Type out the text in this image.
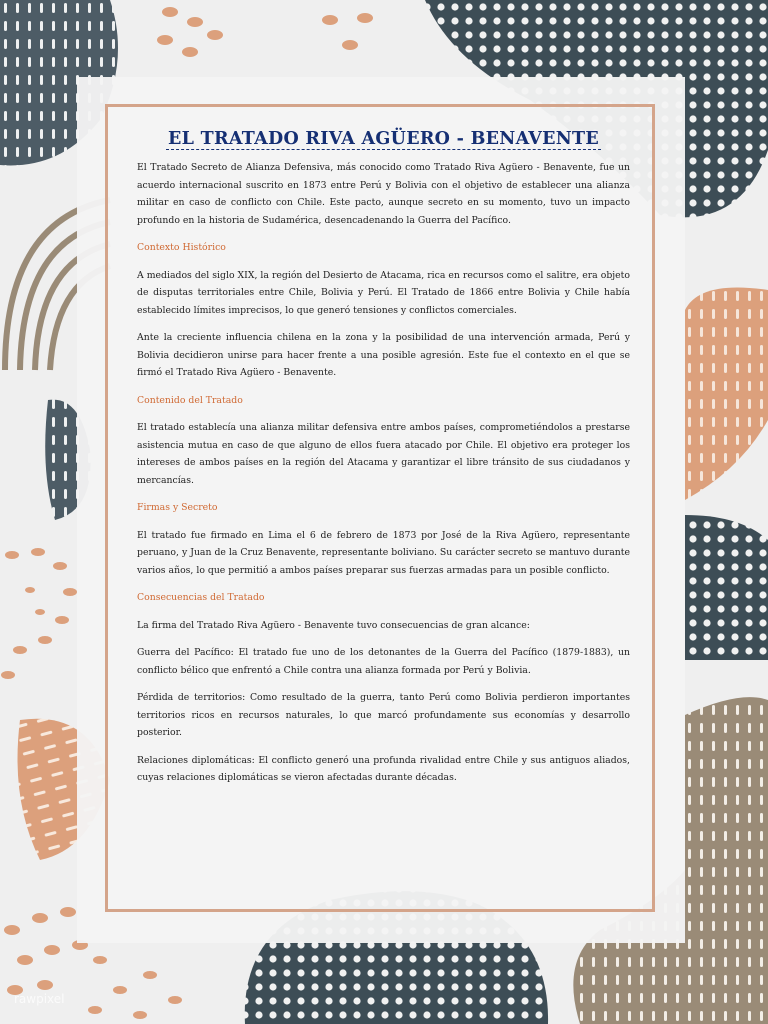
EL TRATADO RIVA AGÜERO - BENAVENTE

El Tratado Secreto de Alianza Defensiva, más conocido como Tratado Riva Agüero - Benavente, fue un acuerdo internacional suscrito en 1873 entre Perú y Bolivia con el objetivo de establecer una alianza militar en caso de conflicto con Chile. Este pacto, aunque secreto en su momento, tuvo un impacto profundo en la historia de Sudamérica, desencadenando la Guerra del Pacífico.

Contexto Histórico

A mediados del siglo XIX, la región del Desierto de Atacama, rica en recursos como el salitre, era objeto de disputas territoriales entre Chile, Bolivia y Perú. El Tratado de 1866 entre Bolivia y Chile había establecido límites imprecisos, lo que generó tensiones y conflictos comerciales.

Ante la creciente influencia chilena en la zona y la posibilidad de una intervención armada, Perú y Bolivia decidieron unirse para hacer frente a una posible agresión. Este fue el contexto en el que se firmó el Tratado Riva Agüero - Benavente.

Contenido del Tratado

El tratado establecía una alianza militar defensiva entre ambos países, comprometiéndolos a prestarse asistencia mutua en caso de que alguno de ellos fuera atacado por Chile. El objetivo era proteger los intereses de ambos países en la región del Atacama y garantizar el libre tránsito de sus ciudadanos y mercancías.

Firmas y Secreto

El tratado fue firmado en Lima el 6 de febrero de 1873 por José de la Riva Agüero, representante peruano, y Juan de la Cruz Benavente, representante boliviano. Su carácter secreto se mantuvo durante varios años, lo que permitió a ambos países preparar sus fuerzas armadas para un posible conflicto.

Consecuencias del Tratado

La firma del Tratado Riva Agüero - Benavente tuvo consecuencias de gran alcance:

Guerra del Pacífico: El tratado fue uno de los detonantes de la Guerra del Pacífico (1879-1883), un conflicto bélico que enfrentó a Chile contra una alianza formada por Perú y Bolivia.

Pérdida de territorios: Como resultado de la guerra, tanto Perú como Bolivia perdieron importantes territorios ricos en recursos naturales, lo que marcó profundamente sus economías y desarrollo posterior.

Relaciones diplomáticas: El conflicto generó una profunda rivalidad entre Chile y sus antiguos aliados, cuyas relaciones diplomáticas se vieron afectadas durante décadas.

rawpixel
